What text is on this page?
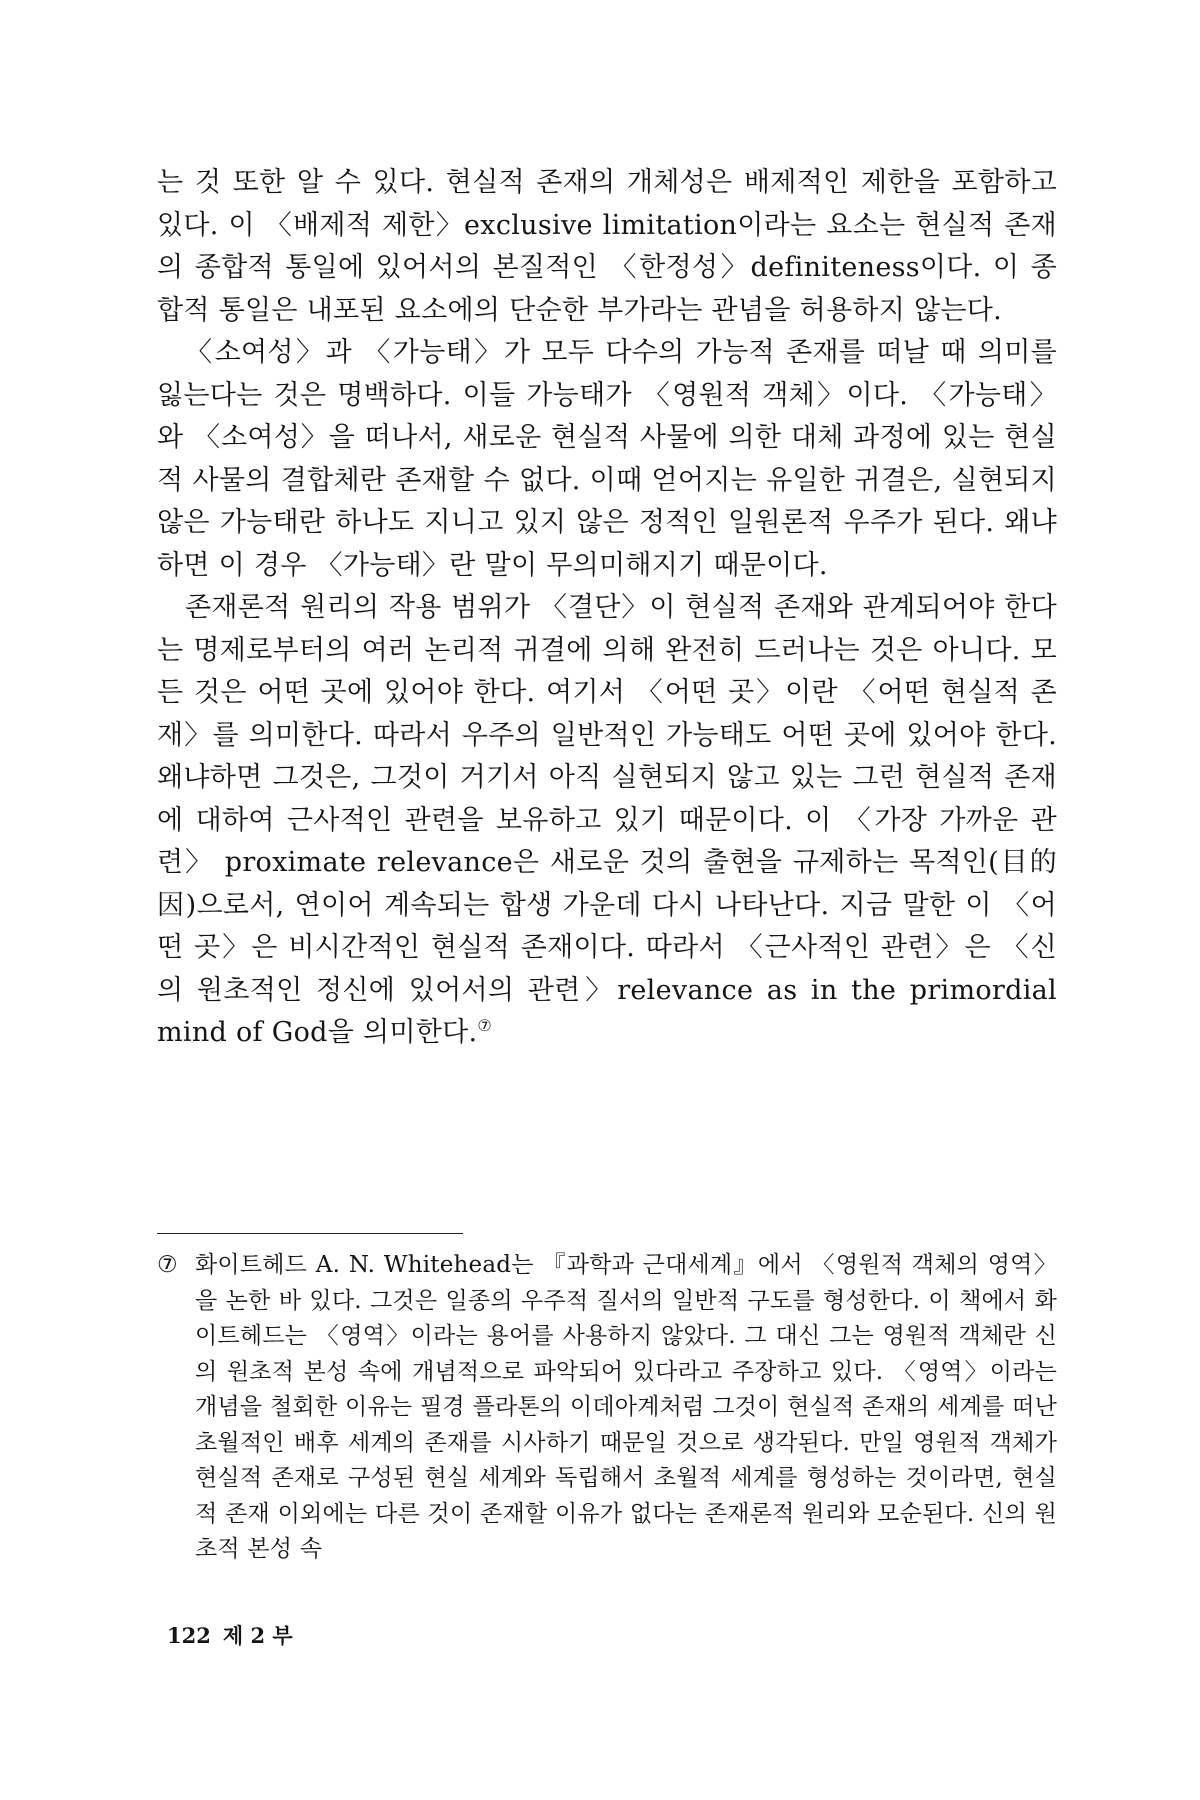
는 것 또한 알 수 있다. 현실적 존재의 개체성은 배제적인 제한을 포함하고 있다. 이 〈배제적 제한〉exclusive limitation이라는 요소는 현실적 존재의 종합적 통일에 있어서의 본질적인 〈한정성〉definiteness이다. 이 종합적 통일은 내포된 요소에의 단순한 부가라는 관념을 허용하지 않는다.

〈소여성〉과 〈가능태〉가 모두 다수의 가능적 존재를 떠날 때 의미를 잃는다는 것은 명백하다. 이들 가능태가 〈영원적 객체〉이다. 〈가능태〉와 〈소여성〉을 떠나서, 새로운 현실적 사물에 의한 대체 과정에 있는 현실적 사물의 결합체란 존재할 수 없다. 이때 얻어지는 유일한 귀결은, 실현되지 않은 가능태란 하나도 지니고 있지 않은 정적인 일원론적 우주가 된다. 왜냐하면 이 경우 〈가능태〉란 말이 무의미해지기 때문이다.

존재론적 원리의 작용 범위가 〈결단〉이 현실적 존재와 관계되어야 한다는 명제로부터의 여러 논리적 귀결에 의해 완전히 드러나는 것은 아니다. 모든 것은 어떤 곳에 있어야 한다. 여기서 〈어떤 곳〉이란 〈어떤 현실적 존재〉를 의미한다. 따라서 우주의 일반적인 가능태도 어떤 곳에 있어야 한다. 왜냐하면 그것은, 그것이 거기서 아직 실현되지 않고 있는 그런 현실적 존재에 대하여 근사적인 관련을 보유하고 있기 때문이다. 이 〈가장 가까운 관련〉 proximate relevance은 새로운 것의 출현을 규제하는 목적인(目的因)으로서, 연이어 계속되는 합생 가운데 다시 나타난다. 지금 말한 이 〈어떤 곳〉은 비시간적인 현실적 존재이다. 따라서 〈근사적인 관련〉은 〈신의 원초적인 정신에 있어서의 관련〉relevance as in the primordial mind of God을 의미한다.⑦

⑦ 화이트헤드 A. N. Whitehead는 『과학과 근대세계』에서 〈영원적 객체의 영역〉을 논한 바 있다. 그것은 일종의 우주적 질서의 일반적 구도를 형성한다. 이 책에서 화이트헤드는 〈영역〉이라는 용어를 사용하지 않았다. 그 대신 그는 영원적 객체란 신의 원초적 본성 속에 개념적으로 파악되어 있다라고 주장하고 있다. 〈영역〉이라는 개념을 철회한 이유는 필경 플라톤의 이데아계처럼 그것이 현실적 존재의 세계를 떠난 초월적인 배후 세계의 존재를 시사하기 때문일 것으로 생각된다. 만일 영원적 객체가 현실적 존재로 구성된 현실 세계와 독립해서 초월적 세계를 형성하는 것이라면, 현실적 존재 이외에는 다른 것이 존재할 이유가 없다는 존재론적 원리와 모순된다. 신의 원초적 본성 속

122 제 2 부
